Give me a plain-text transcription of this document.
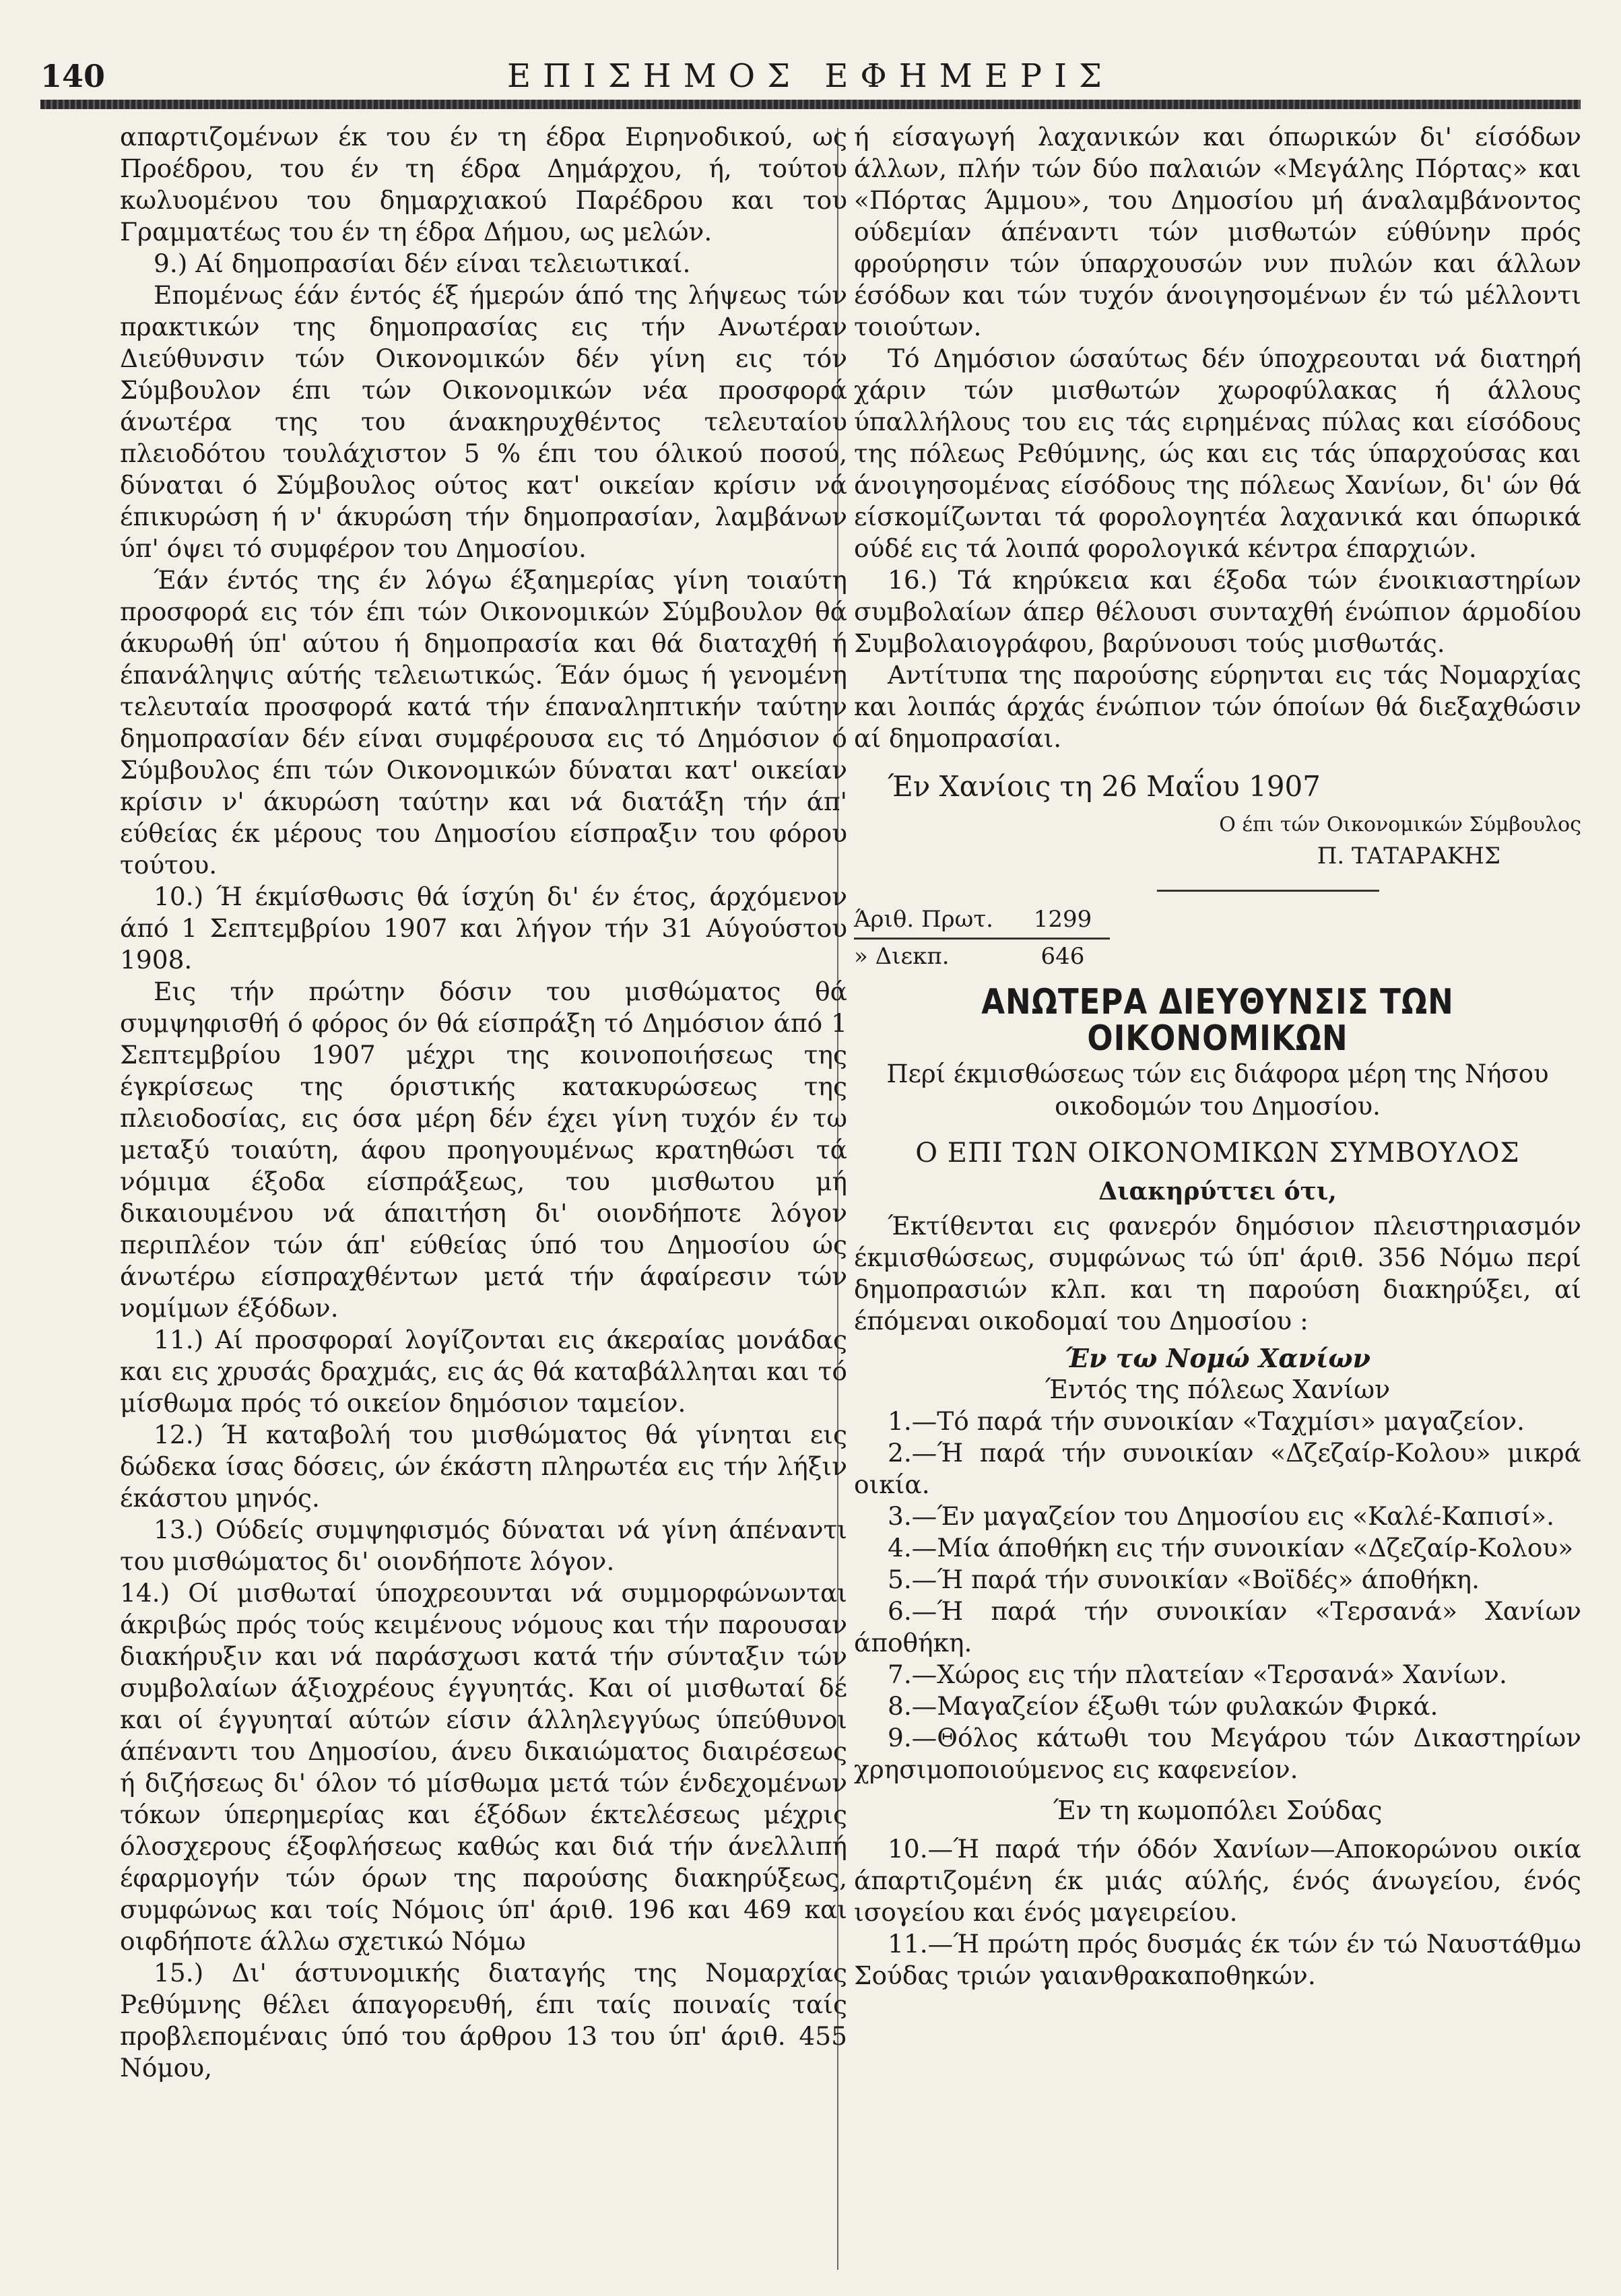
140	ΕΠΙΣΗΜΟΣ ΕΦΗΜΕΡΙΣ

απαρτιζομένων έκ του έν τη έδρα Ειρηνοδικού, ως Προέδρου, του έν τη έδρα Δημάρχου, ή, τούτου κωλυομένου του δημαρχιακού Παρέδρου και του Γραμματέως του έν τη έδρα Δήμου, ως μελών.

9.) Αί δημοπρασίαι δέν είναι τελειωτικαί.

Επομένως έάν έντός έξ ήμερών άπό της λήψεως τών πρακτικών της δημοπρασίας εις τήν Ανωτέραν Διεύθυνσιν τών Οικονομικών δέν γίνη εις τόν Σύμβουλον έπι τών Οικονομικών νέα προσφορά άνωτέρα της του άνακηρυχθέντος τελευταίου πλειοδότου τουλάχιστον 5 % έπι του όλικού ποσού, δύναται ό Σύμβουλος ούτος κατ' οικείαν κρίσιν νά έπικυρώση ή ν' άκυρώση τήν δημοπρασίαν, λαμβάνων ύπ' όψει τό συμφέρον του Δημοσίου.

Έάν έντός της έν λόγω έξαημερίας γίνη τοιαύτη προσφορά εις τόν έπι τών Οικονομικών Σύμβουλον θά άκυρωθή ύπ' αύτου ή δημοπρασία και θά διαταχθή ή έπανάληψις αύτής τελειωτικώς. Έάν όμως ή γενομένη τελευταία προσφορά κατά τήν έπαναληπτικήν ταύτην δημοπρασίαν δέν είναι συμφέρουσα εις τό Δημόσιον ό Σύμβουλος έπι τών Οικονομικών δύναται κατ' οικείαν κρίσιν ν' άκυρώση ταύτην και νά διατάξη τήν άπ' εύθείας έκ μέρους του Δημοσίου είσπραξιν του φόρου τούτου.

10.) Ή έκμίσθωσις θά ίσχύη δι' έν έτος, άρχόμενον άπό 1 Σεπτεμβρίου 1907 και λήγον τήν 31 Αύγούστου 1908.

Εις τήν πρώτην δόσιν του μισθώματος θά συμψηφισθή ό φόρος όν θά είσπράξη τό Δημόσιον άπό 1 Σεπτεμβρίου 1907 μέχρι της κοινοποιήσεως της έγκρίσεως της όριστικής κατακυρώσεως της πλειοδοσίας, εις όσα μέρη δέν έχει γίνη τυχόν έν τω μεταξύ τοιαύτη, άφου προηγουμένως κρατηθώσι τά νόμιμα έξοδα είσπράξεως, του μισθωτου μή δικαιουμένου νά άπαιτήση δι' οιονδήποτε λόγον περιπλέον τών άπ' εύθείας ύπό του Δημοσίου ώς άνωτέρω είσπραχθέντων μετά τήν άφαίρεσιν τών νομίμων έξόδων.

11.) Αί προσφοραί λογίζονται εις άκεραίας μονάδας και εις χρυσάς δραχμάς, εις άς θά καταβάλληται και τό μίσθωμα πρός τό οικείον δημόσιον ταμείον.

12.) Ή καταβολή του μισθώματος θά γίνηται εις δώδεκα ίσας δόσεις, ών έκάστη πληρωτέα εις τήν λήξιν έκάστου μηνός.

13.) Ούδείς συμψηφισμός δύναται νά γίνη άπέναντι του μισθώματος δι' οιονδήποτε λόγον.

14.) Οί μισθωταί ύποχρεουνται νά συμμορφώνωνται άκριβώς πρός τούς κειμένους νόμους και τήν παρουσαν διακήρυξιν και νά παράσχωσι κατά τήν σύνταξιν τών συμβολαίων άξιοχρέους έγγυητάς. Και οί μισθωταί δέ και οί έγγυηταί αύτών είσιν άλληλεγγύως ύπεύθυνοι άπέναντι του Δημοσίου, άνευ δικαιώματος διαιρέσεως ή διζήσεως δι' όλον τό μίσθωμα μετά τών ένδεχομένων τόκων ύπερημερίας και έξόδων έκτελέσεως μέχρις όλοσχερους έξοφλήσεως καθώς και διά τήν άνελλιπή έφαρμογήν τών όρων της παρούσης διακηρύξεως, συμφώνως και τοίς Νόμοις ύπ' άριθ. 196 και 469 και οιφδήποτε άλλω σχετικώ Νόμω

15.) Δι' άστυνομικής διαταγής της Νομαρχίας Ρεθύμνης θέλει άπαγορευθή, έπι ταίς ποιναίς ταίς προβλεπομέναις ύπό του άρθρου 13 του ύπ' άριθ. 455 Νόμου,

ή είσαγωγή λαχανικών και όπωρικών δι' είσόδων άλλων, πλήν τών δύο παλαιών «Μεγάλης Πόρτας» και «Πόρτας Άμμου», του Δημοσίου μή άναλαμβάνοντος ούδεμίαν άπέναντι τών μισθωτών εύθύνην πρός φρούρησιν τών ύπαρχουσών νυν πυλών και άλλων έσόδων και τών τυχόν άνοιγησομένων έν τώ μέλλοντι τοιούτων.

Τό Δημόσιον ώσαύτως δέν ύποχρεουται νά διατηρή χάριν τών μισθωτών χωροφύλακας ή άλλους ύπαλλήλους του εις τάς ειρημένας πύλας και είσόδους της πόλεως Ρεθύμνης, ώς και εις τάς ύπαρχούσας και άνοιγησομένας είσόδους της πόλεως Χανίων, δι' ών θά είσκομίζωνται τά φορολογητέα λαχανικά και όπωρικά ούδέ εις τά λοιπά φορολογικά κέντρα έπαρχιών.

16.) Τά κηρύκεια και έξοδα τών ένοικιαστηρίων συμβολαίων άπερ θέλουσι συνταχθή ένώπιον άρμοδίου Συμβολαιογράφου, βαρύνουσι τούς μισθωτάς.

Αντίτυπα της παρούσης εύρηνται εις τάς Νομαρχίας και λοιπάς άρχάς ένώπιον τών όποίων θά διεξαχθώσιν αί δημοπρασίαι.

Έν Χανίοις τη 26 Μαΐου 1907

Ο έπι τών Οικονομικών Σύμβουλος

Π. ΤΑΤΑΡΑΚΗΣ

Άριθ. Πρωτ.	1299
» Διεκπ.	646
ΑΝΩΤΕΡΑ ΔΙΕΥΘΥΝΣΙΣ ΤΩΝ ΟΙΚΟΝΟΜΙΚΩΝ

Περί έκμισθώσεως τών εις διάφορα μέρη της Νήσου οικοδομών του Δημοσίου.

Ο ΕΠΙ ΤΩΝ ΟΙΚΟΝΟΜΙΚΩΝ ΣΥΜΒΟΥΛΟΣ

Διακηρύττει ότι,

Έκτίθενται εις φανερόν δημόσιον πλειστηριασμόν έκμισθώσεως, συμφώνως τώ ύπ' άριθ. 356 Νόμω περί δημοπρασιών κλπ. και τη παρούση διακηρύξει, αί έπόμεναι οικοδομαί του Δημοσίου :

Έν τω Νομώ Χανίων

Έντός της πόλεως Χανίων

1.—Τό παρά τήν συνοικίαν «Ταχμίσι» μαγαζείον.

2.—Ή παρά τήν συνοικίαν «Δζεζαίρ-Κολου» μικρά οικία.

3.—Έν μαγαζείον του Δημοσίου εις «Καλέ-Καπισί».

4.—Μία άποθήκη εις τήν συνοικίαν «Δζεζαίρ-Κολου»

5.—Ή παρά τήν συνοικίαν «Βοϊδές» άποθήκη.

6.—Ή παρά τήν συνοικίαν «Τερσανά» Χανίων άποθήκη.

7.—Χώρος εις τήν πλατείαν «Τερσανά» Χανίων.

8.—Μαγαζείον έξωθι τών φυλακών Φιρκά.

9.—Θόλος κάτωθι του Μεγάρου τών Δικαστηρίων χρησιμοποιούμενος εις καφενείον.

Έν τη κωμοπόλει Σούδας

10.—Ή παρά τήν όδόν Χανίων—Αποκορώνου οικία άπαρτιζομένη έκ μιάς αύλής, ένός άνωγείου, ένός ισογείου και ένός μαγειρείου.

11.—Ή πρώτη πρός δυσμάς έκ τών έν τώ Ναυστάθμω Σούδας τριών γαιανθρακαποθηκών.
